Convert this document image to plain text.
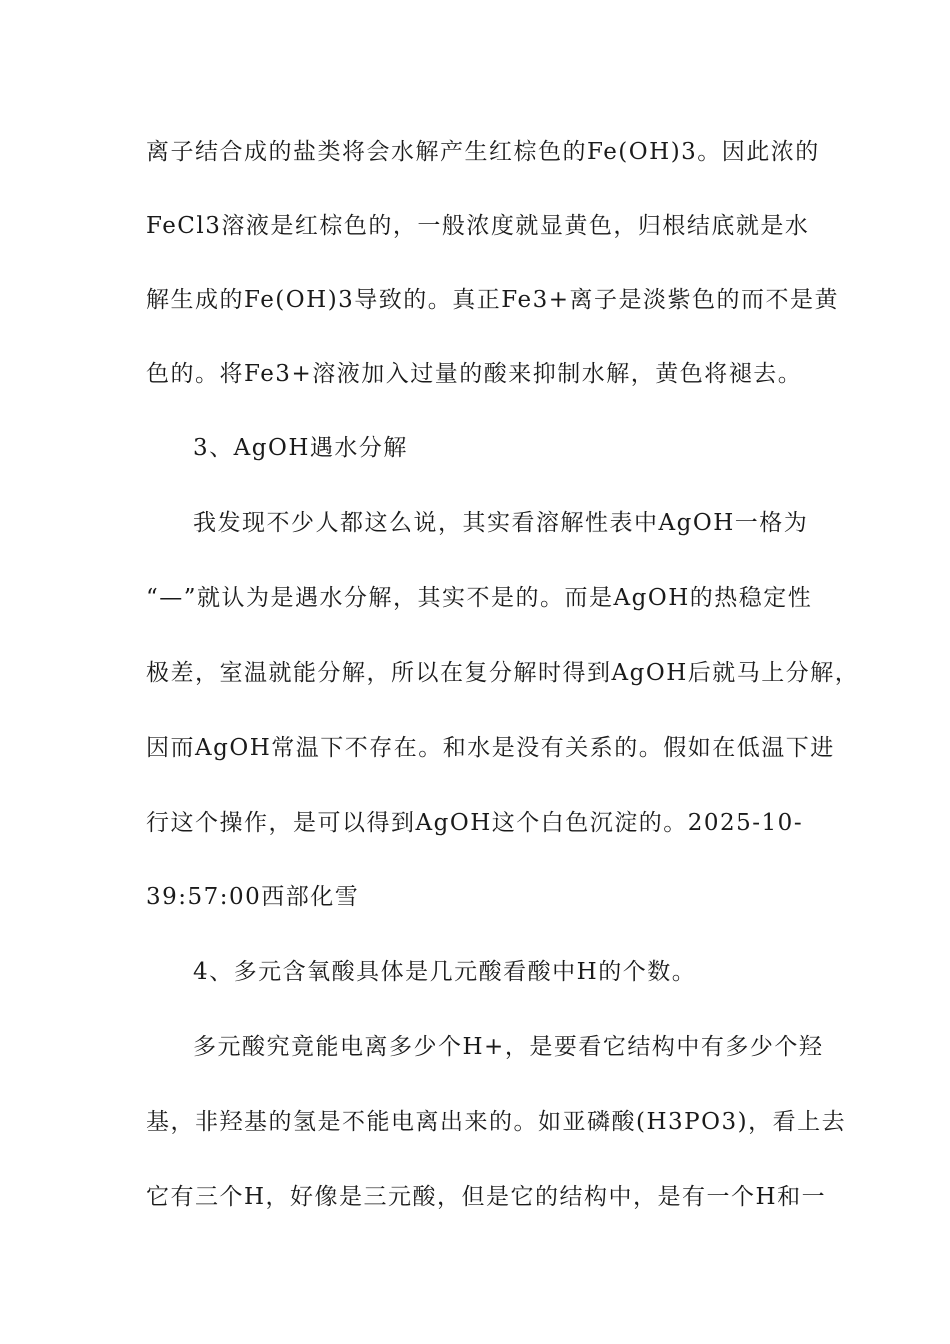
离子结合成的盐类将会水解产生红棕色的Fe(OH)3。因此浓的
FeCl3溶液是红棕色的，一般浓度就显黄色，归根结底就是水
解生成的Fe(OH)3导致的。真正Fe3+离子是淡紫色的而不是黄
色的。将Fe3+溶液加入过量的酸来抑制水解，黄色将褪去。
3、AgOH遇水分解
我发现不少人都这么说，其实看溶解性表中AgOH一格为
“—”就认为是遇水分解，其实不是的。而是AgOH的热稳定性
极差，室温就能分解，所以在复分解时得到AgOH后就马上分解，
因而AgOH常温下不存在。和水是没有关系的。假如在低温下进
行这个操作，是可以得到AgOH这个白色沉淀的。2025-10-
39:57:00西部化雪
4、多元含氧酸具体是几元酸看酸中H的个数。
多元酸究竟能电离多少个H+，是要看它结构中有多少个羟
基，非羟基的氢是不能电离出来的。如亚磷酸(H3PO3)，看上去
它有三个H，好像是三元酸，但是它的结构中，是有一个H和一
